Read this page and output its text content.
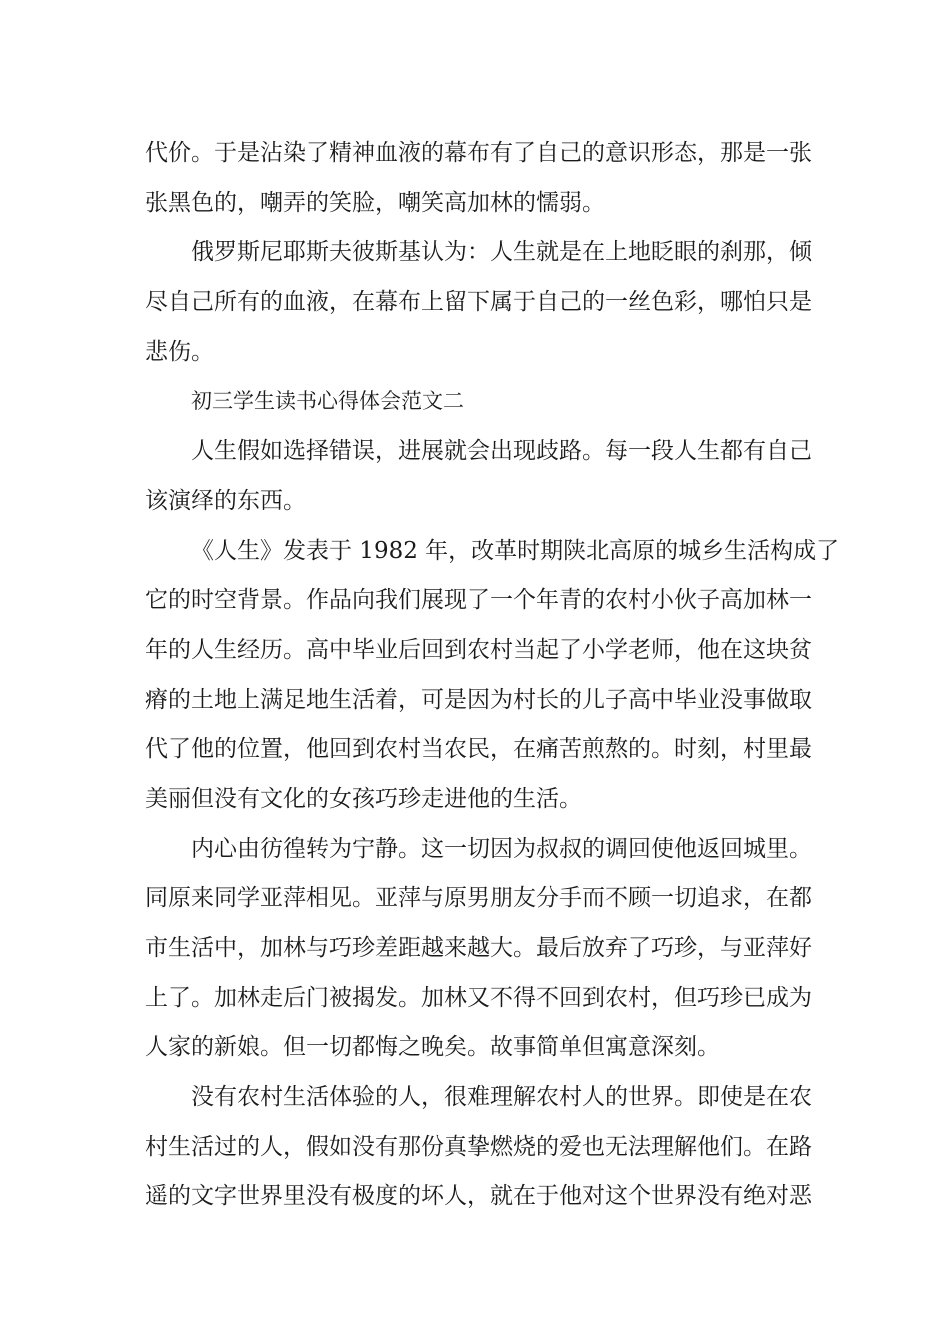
代价。于是沾染了精神血液的幕布有了自己的意识形态，那是一张
张黑色的，嘲弄的笑脸，嘲笑高加林的懦弱。
俄罗斯尼耶斯夫彼斯基认为：人生就是在上地眨眼的刹那，倾
尽自己所有的血液，在幕布上留下属于自己的一丝色彩，哪怕只是
悲伤。
初三学生读书心得体会范文二
人生假如选择错误，进展就会出现歧路。每一段人生都有自己
该演绎的东西。
《人生》发表于 1982 年，改革时期陕北高原的城乡生活构成了
它的时空背景。作品向我们展现了一个年青的农村小伙子高加林一
年的人生经历。高中毕业后回到农村当起了小学老师，他在这块贫
瘠的土地上满足地生活着，可是因为村长的儿子高中毕业没事做取
代了他的位置，他回到农村当农民，在痛苦煎熬的。时刻，村里最
美丽但没有文化的女孩巧珍走进他的生活。
内心由彷徨转为宁静。这一切因为叔叔的调回使他返回城里。
同原来同学亚萍相见。亚萍与原男朋友分手而不顾一切追求，在都
市生活中，加林与巧珍差距越来越大。最后放弃了巧珍，与亚萍好
上了。加林走后门被揭发。加林又不得不回到农村，但巧珍已成为
人家的新娘。但一切都悔之晚矣。故事简单但寓意深刻。
没有农村生活体验的人，很难理解农村人的世界。即使是在农
村生活过的人，假如没有那份真挚燃烧的爱也无法理解他们。在路
遥的文字世界里没有极度的坏人，就在于他对这个世界没有绝对恶
